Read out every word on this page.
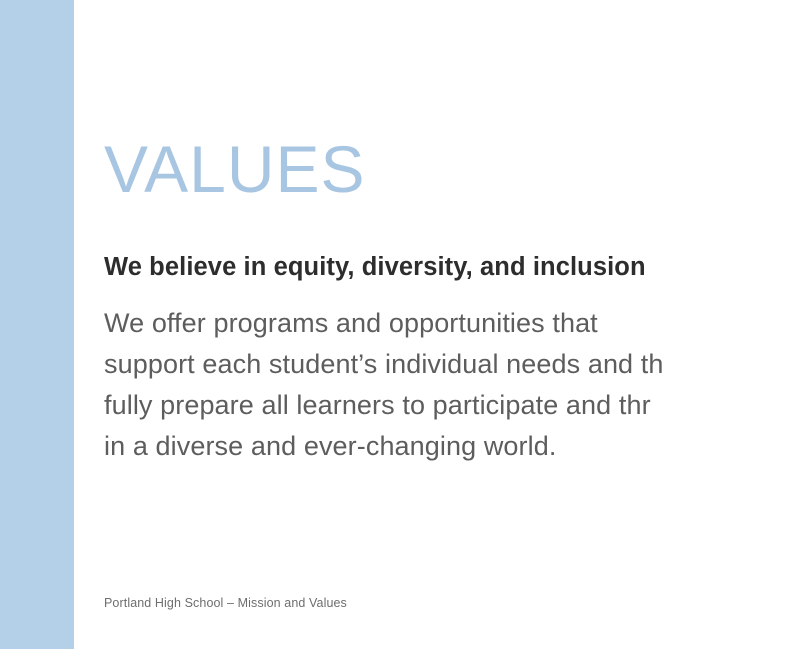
VALUES
We believe in equity, diversity, and inclusion
We offer programs and opportunities that
support each student’s individual needs and th
fully prepare all learners to participate and thr
in a diverse and ever-changing world.
Portland High School – Mission and Values
